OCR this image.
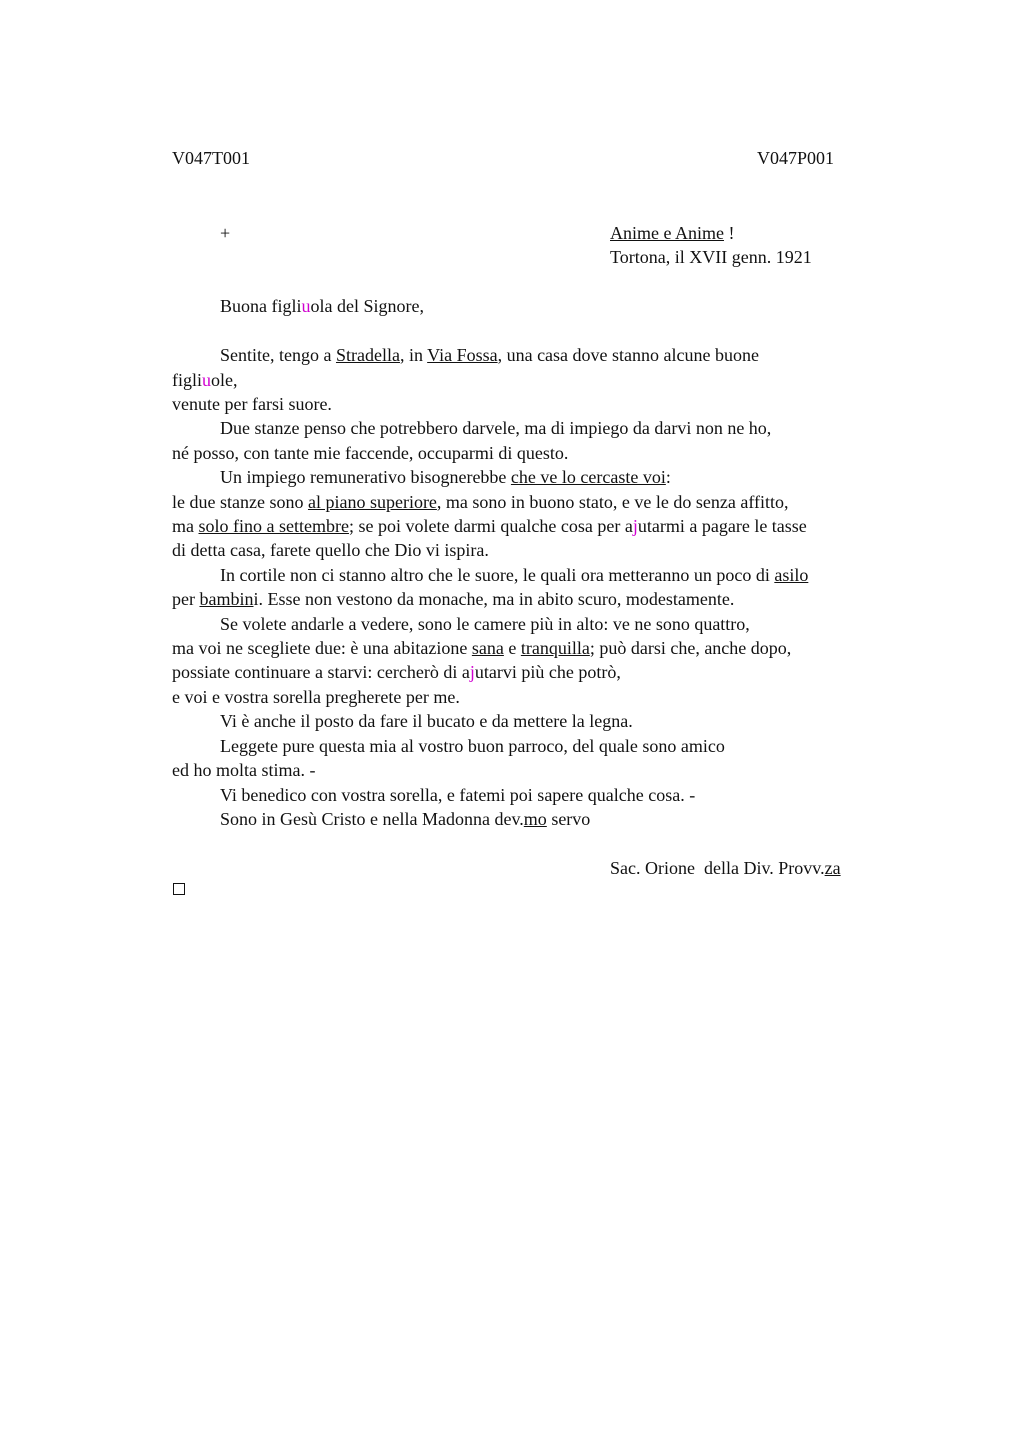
V047T001	V047P001
+	Anime e Anime !
Tortona, il XVII genn. 1921
Buona figliuola del Signore,
Sentite, tengo a Stradella, in Via Fossa, una casa dove stanno alcune buone
figliuole,
venute per farsi suore.
Due stanze penso che potrebbero darvele, ma di impiego da darvi non ne ho,
né posso, con tante mie faccende, occuparmi di questo.
Un impiego remunerativo bisognerebbe che ve lo cercaste voi:
le due stanze sono al piano superiore, ma sono in buono stato, e ve le do senza affitto,
ma solo fino a settembre; se poi volete darmi qualche cosa per ajutarmi a pagare le tasse
di detta casa, farete quello che Dio vi ispira.
In cortile non ci stanno altro che le suore, le quali ora metteranno un poco di asilo
per bambini. Esse non vestono da monache, ma in abito scuro, modestamente.
Se volete andarle a vedere, sono le camere più in alto: ve ne sono quattro,
ma voi ne scegliete due: è una abitazione sana e tranquilla; può darsi che, anche dopo,
possiate continuare a starvi: cercherò di ajutarvi più che potrò,
e voi e vostra sorella pregherete per me.
Vi è anche il posto da fare il bucato e da mettere la legna.
Leggete pure questa mia al vostro buon parroco, del quale sono amico
ed ho molta stima. -
Vi benedico con vostra sorella, e fatemi poi sapere qualche cosa. -
Sono in Gesù Cristo e nella Madonna dev.mo servo
Sac. Orione  della Div. Provv.za
